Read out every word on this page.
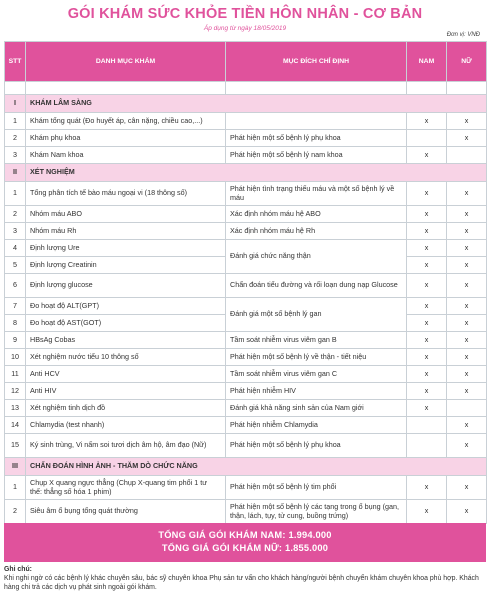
GÓI KHÁM SỨC KHỎE TIỀN HÔN NHÂN - CƠ BẢN
Áp dụng từ ngày 18/05/2019
Đơn vị: VNĐ
STT	DANH MỤC KHÁM	MỤC ĐÍCH CHỈ ĐỊNH	NAM	NỮ

I	KHÁM LÂM SÀNG			
1	Khám tổng quát (Đo huyết áp, cân nặng, chiều cao,...)		x	x
2	Khám phụ khoa	Phát hiện một số bệnh lý phụ khoa		x
3	Khám Nam khoa	Phát hiện một số bệnh lý nam khoa	x	
II	XÉT NGHIỆM			
1	Tổng phân tích tế bào máu ngoại vi (18 thông số)	Phát hiện tình trạng thiếu máu và một số bệnh lý về máu	x	x
2	Nhóm máu ABO	Xác định nhóm máu hệ ABO	x	x
3	Nhóm máu Rh	Xác định nhóm máu hệ Rh	x	x
4	Định lượng Ure	Đánh giá chức năng thận	x	x
5	Định lượng Creatinin		x	x
6	Định lượng glucose	Chẩn đoán tiểu đường và rối loạn dung nạp Glucose	x	x
7	Đo hoạt độ ALT(GPT)	Đánh giá một số bệnh lý gan	x	x
8	Đo hoạt độ AST(GOT)		x	x
9	HBsAg Cobas	Tầm soát nhiễm virus viêm gan B	x	x
10	Xét nghiệm nước tiểu 10 thông số	Phát hiện một số bệnh lý về thận - tiết niệu	x	x
11	Anti HCV	Tầm soát nhiễm virus viêm gan C	x	x
12	Anti HIV	Phát hiện nhiễm HIV	x	x
13	Xét nghiệm tinh dịch đồ	Đánh giá khả năng sinh sản của Nam giới	x	
14	Chlamydia (test nhanh)	Phát hiện nhiễm Chlamydia		x
15	Ký sinh trùng, Vi nấm soi tươi dịch âm hộ, âm đạo (Nữ)	Phát hiện một số bệnh lý phụ khoa		x
III	CHẨN ĐOÁN HÌNH ẢNH - THĂM DÒ CHỨC NĂNG			
1	Chụp X quang ngực thẳng (Chụp X-quang tim phổi 1 tư thế: thẳng số hóa 1 phim)	Phát hiện một số bệnh lý tim phổi	x	x
2	Siêu âm ổ bụng tổng quát thường	Phát hiện một số bệnh lý các tạng trong ổ bụng (gan, thận, lách, tụy, tử cung, buồng trứng)	x	x
TỔNG GIÁ GÓI KHÁM NAM: 1.994.000
TỔNG GIÁ GÓI KHÁM NỮ: 1.855.000
Ghi chú:
Khi nghi ngờ có các bệnh lý khác chuyên sâu, bác sỹ chuyên khoa Phụ sản tư vấn cho khách hàng/người bệnh chuyển khám chuyên khoa phù hợp. Khách hàng chi trả các dịch vụ phát sinh ngoài gói khám.
